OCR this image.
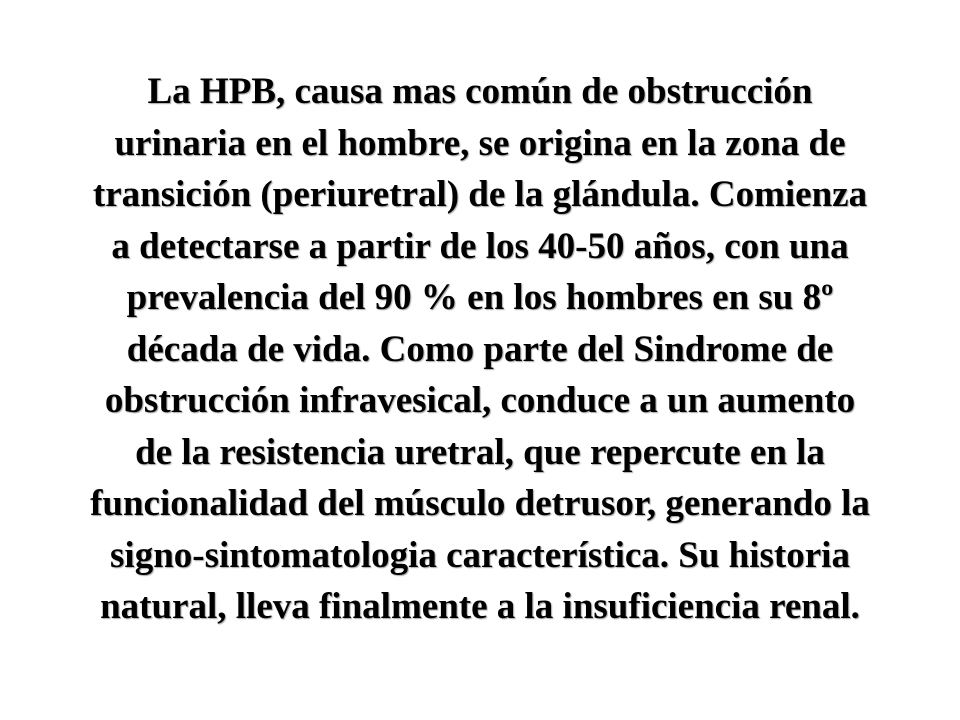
La HPB, causa mas común de obstrucción
urinaria en el hombre, se origina en la zona de
transición (periuretral) de la glándula. Comienza
a detectarse a partir de los 40-50 años, con una
prevalencia del 90 % en los hombres en su 8º
década de vida. Como parte del Sindrome de
obstrucción infravesical, conduce a un aumento
de la resistencia uretral, que repercute en la
funcionalidad del músculo detrusor, generando la
signo-sintomatologia característica. Su historia
natural, lleva finalmente a la insuficiencia renal.
